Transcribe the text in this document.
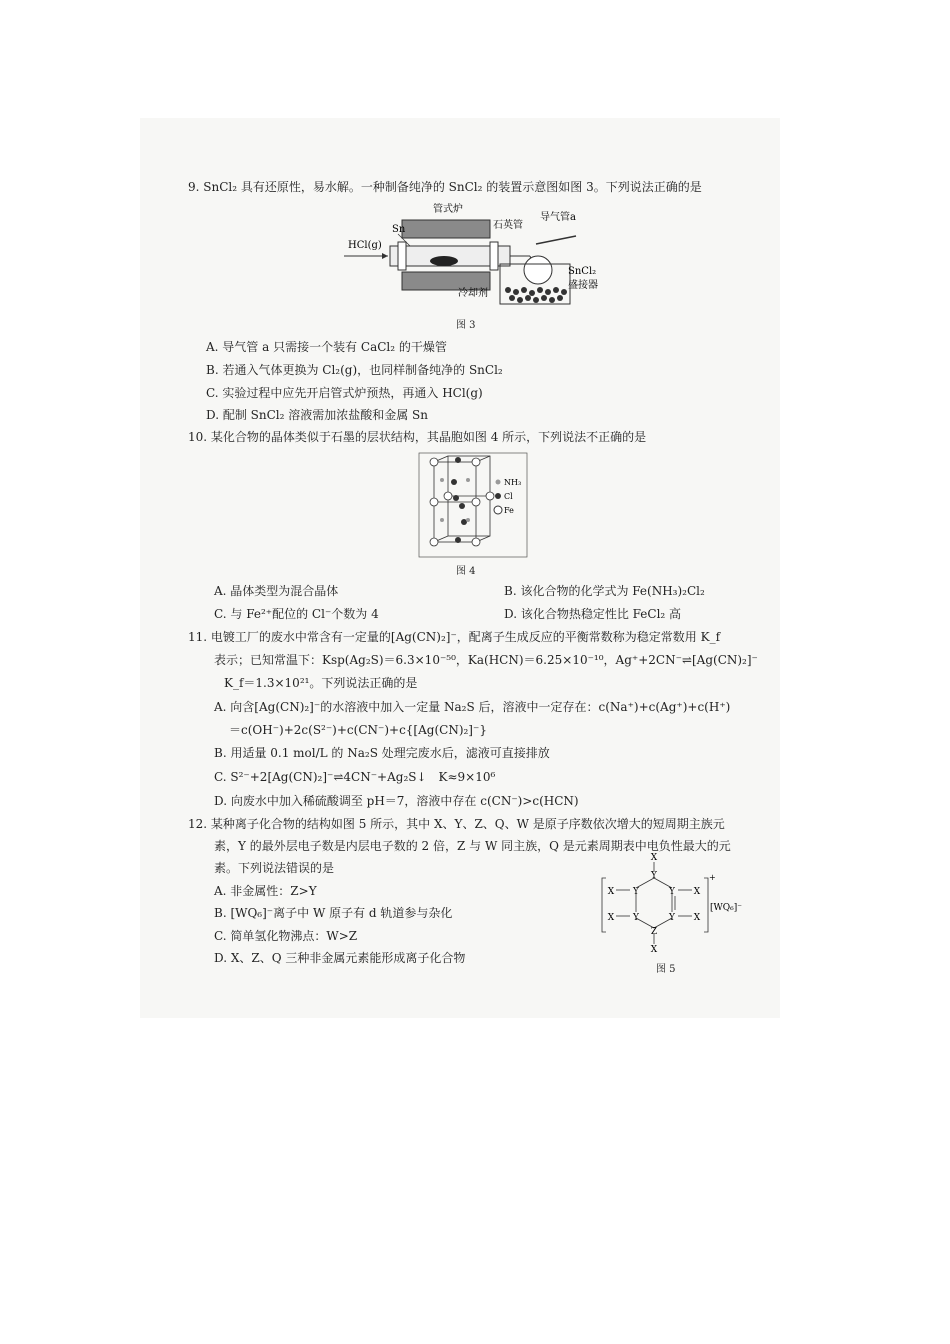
9. SnCl₂ 具有还原性，易水解。一种制备纯净的 SnCl₂ 的装置示意图如图 3。下列说法正确的是
管式炉
Sn
HCl(g)
石英管
导气管a
SnCl₂
盛接器
冷却剂
图 3
A. 导气管 a 只需接一个装有 CaCl₂ 的干燥管
B. 若通入气体更换为 Cl₂(g)，也同样制备纯净的 SnCl₂
C. 实验过程中应先开启管式炉预热，再通入 HCl(g)
D. 配制 SnCl₂ 溶液需加浓盐酸和金属 Sn
10. 某化合物的晶体类似于石墨的层状结构，其晶胞如图 4 所示，下列说法不正确的是
NH₃
Cl
Fe
图 4
A. 晶体类型为混合晶体	B. 该化合物的化学式为 Fe(NH₃)₂Cl₂
C. 与 Fe²⁺配位的 Cl⁻个数为 4	D. 该化合物热稳定性比 FeCl₂ 高
11. 电镀工厂的废水中常含有一定量的[Ag(CN)₂]⁻，配离子生成反应的平衡常数称为稳定常数用 K_f
表示；已知常温下：Ksp(Ag₂S)＝6.3×10⁻⁵⁰，Ka(HCN)＝6.25×10⁻¹⁰，Ag⁺+2CN⁻⇌[Ag(CN)₂]⁻
K_f＝1.3×10²¹。下列说法正确的是
A. 向含[Ag(CN)₂]⁻的水溶液中加入一定量 Na₂S 后，溶液中一定存在：c(Na⁺)+c(Ag⁺)+c(H⁺)
＝c(OH⁻)+2c(S²⁻)+c(CN⁻)+c{[Ag(CN)₂]⁻}
B. 用适量 0.1 mol/L 的 Na₂S 处理完废水后，滤液可直接排放
C. S²⁻+2[Ag(CN)₂]⁻⇌4CN⁻+Ag₂S↓　K≈9×10⁶
D. 向废水中加入稀硫酸调至 pH＝7，溶液中存在 c(CN⁻)>c(HCN)
12. 某种离子化合物的结构如图 5 所示，其中 X、Y、Z、Q、W 是原子序数依次增大的短周期主族元
素，Y 的最外层电子数是内层电子数的 2 倍，Z 与 W 同主族，Q 是元素周期表中电负性最大的元
素。下列说法错误的是
A. 非金属性：Z>Y
B. [WQ₆]⁻离子中 W 原子有 d 轨道参与杂化
C. 简单氢化物沸点：W>Z
D. X、Z、Q 三种非金属元素能形成离子化合物
X
Y
Y	Y
Y	Y
Z
X
X
X
X
X
+
[WQ₆]⁻
图 5
